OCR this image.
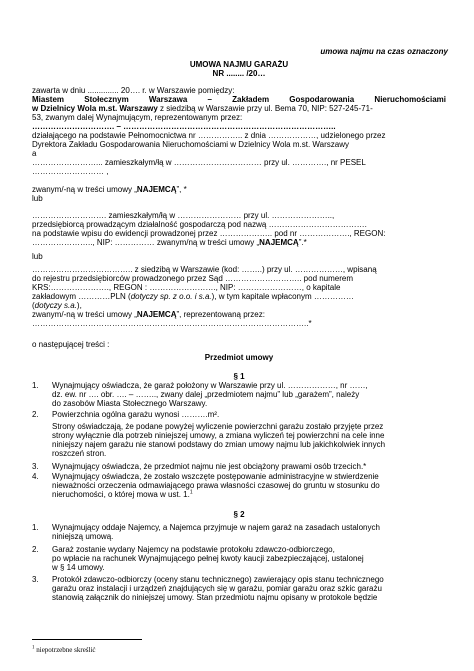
umowa najmu na czas oznaczony
UMOWA NAJMU GARAŻU
NR ........ /20…
zawarta w dniu .............. 20…. r. w Warszawie pomiędzy:
Miastem Stołecznym Warszawa – Zakładem Gospodarowania Nieruchomościami
w Dzielnicy Wola m.st. Warszawy z siedzibą w Warszawie przy ul. Bema 70, NIP: 527-245-71-
53, zwanym dalej Wynajmującym, reprezentowanym przez:
…………………………. – ……………………………………………………………………..
działającego na podstawie Pełnomocnictwa nr …………….. z dnia ………………, udzielonego przez
Dyrektora Zakładu Gospodarowania Nieruchomościami w Dzielnicy Wola m.st. Warszawy
a
……………………... zamieszkałym/łą w …………………………… przy ul. …………., nr PESEL
……………………… ,
zwanym/-ną w treści umowy „NAJEMCĄ”, *
lub
………………………. zamieszkałym/łą w …………………… przy ul. …………………..,
przedsiębiorcą prowadzącym działalność gospodarczą pod nazwą ……………………………….
na podstawie wpisu do ewidencji prowadzonej przez ……………….. pod nr ………………., REGON:
………………….., NIP: …………… zwanym/ną w treści umowy „NAJEMCĄ”.*
lub
……………………………….. z siedzibą w Warszawie (kod: ……..) przy ul. ………………, wpisaną
do rejestru przedsiębiorców prowadzonego przez Sąd ……………………….. pod numerem
KRS:…………………., REGON : ……………………., NIP: ……………………, o kapitale
zakładowym …………PLN (dotyczy sp. z o.o. i s.a.), w tym kapitale wpłaconym ……………
(dotyczy s.a.),
zwanym/-ną w treści umowy „NAJEMCĄ”, reprezentowaną przez:
…………………………………………………………………………………………..*
o następującej treści :
Przedmiot umowy
§ 1
1. Wynajmujący oświadcza, że garaż położony w Warszawie przy ul. ………………, nr ……,
dz. ew. nr …. obr. …. – …….., zwany dalej „przedmiotem najmu” lub „garażem”, należy
do zasobów Miasta Stołecznego Warszawy.
2. Powierzchnia ogólna garażu wynosi ……….m².
Strony oświadczają, że podane powyżej wyliczenie powierzchni garażu zostało przyjęte przez
strony wyłącznie dla potrzeb niniejszej umowy, a zmiana wyliczeń tej powierzchni na cele inne
niniejszy najem garażu nie stanowi podstawy do zmian umowy najmu lub jakichkolwiek innych
roszczeń stron.
3. Wynajmujący oświadcza, że przedmiot najmu nie jest obciążony prawami osób trzecich.*
4. Wynajmujący oświadcza, że zostało wszczęte postępowanie administracyjne w stwierdzenie
nieważności orzeczenia odmawiającego prawa własności czasowej do gruntu w stosunku do
nieruchomości, o której mowa w ust. 1.$^1$
§ 2
1. Wynajmujący oddaje Najemcy, a Najemca przyjmuje w najem garaż na zasadach ustalonych
niniejszą umową.
2. Garaż zostanie wydany Najemcy na podstawie protokołu zdawczo-odbiorczego,
po wpłacie na rachunek Wynajmującego pełnej kwoty kaucji zabezpieczającej, ustalonej
w § 14 umowy.
3. Protokół zdawczo-odbiorczy (oceny stanu technicznego) zawierający opis stanu technicznego
garażu oraz instalacji i urządzeń znajdujących się w garażu, pomiar garażu oraz szkic garażu
stanowią załącznik do niniejszej umowy. Stan przedmiotu najmu opisany w protokole będzie
$^1$ niepotrzebne skreślić
